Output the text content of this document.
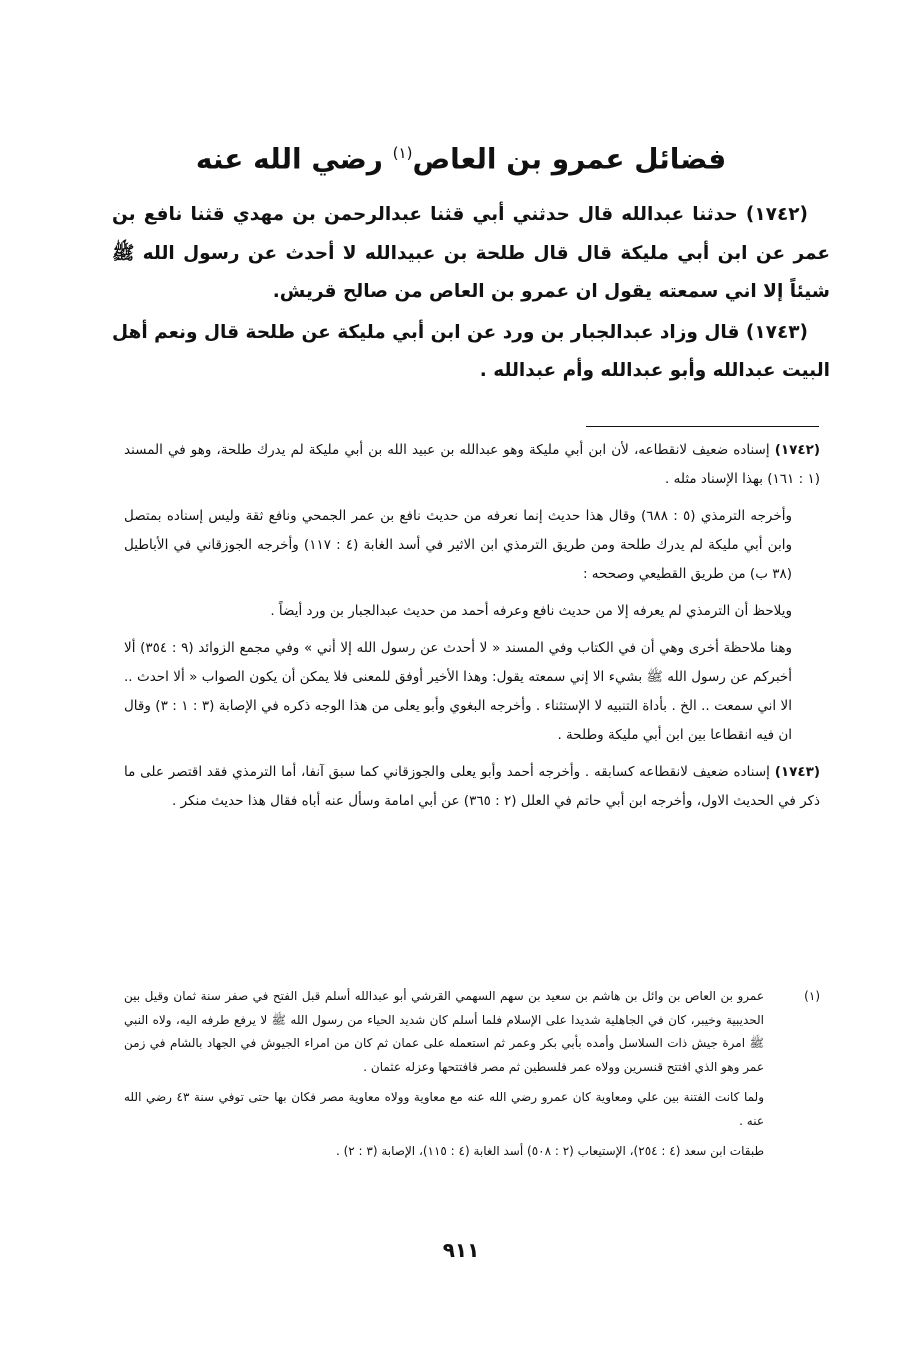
فضائل عمرو بن العاص$^{(١)}$ رضي الله عنه

(١٧٤٢) حدثنا عبدالله قال حدثني أبي قثنا عبدالرحمن بن مهدي قثنا نافع بن عمر عن ابن أبي مليكة قال قال طلحة بن عبيدالله لا أحدث عن رسول الله ﷺ شيئاً إلا اني سمعته يقول ان عمرو بن العاص من صالح قريش.

(١٧٤٣) قال وزاد عبدالجبار بن ورد عن ابن أبي مليكة عن طلحة قال ونعم أهل البيت عبدالله وأبو عبدالله وأم عبدالله .

(١٧٤٢) إسناده ضعيف لانقطاعه، لأن ابن أبي مليكة وهو عبدالله بن عبيد الله بن أبي مليكة لم يدرك طلحة، وهو في المسند (١ : ١٦١) بهذا الإسناد مثله .

وأخرجه الترمذي (٥ : ٦٨٨) وقال هذا حديث إنما نعرفه من حديث نافع بن عمر الجمحي ونافع ثقة وليس إسناده بمتصل وابن أبي مليكة لم يدرك طلحة ومن طريق الترمذي ابن الاثير في أسد الغابة (٤ : ١١٧) وأخرجه الجوزقاني في الأباطيل (٣٨ ب) من طريق القطيعي وصححه :

ويلاحظ أن الترمذي لم يعرفه إلا من حديث نافع وعرفه أحمد من حديث عبدالجبار بن ورد أيضاً .

وهنا ملاحظة أخرى وهي أن في الكتاب وفي المسند « لا أحدث عن رسول الله إلا أني » وفي مجمع الزوائد (٩ : ٣٥٤) ألا أخبركم عن رسول الله ﷺ بشيء الا إني سمعته يقول: وهذا الأخير أوفق للمعنى فلا يمكن أن يكون الصواب « ألا احدث .. الا اني سمعت .. الخ . بأداة التنبيه لا الإستثناء . وأخرجه البغوي وأبو يعلى من هذا الوجه ذكره في الإصابة (٣ : ١ : ٣) وقال ان فيه انقطاعا بين ابن أبي مليكة وطلحة .

(١٧٤٣) إسناده ضعيف لانقطاعه كسابقه . وأخرجه أحمد وأبو يعلى والجوزقاني كما سبق آنفا، أما الترمذي فقد اقتصر على ما ذكر في الحديث الاول، وأخرجه ابن أبي حاتم في العلل (٢ : ٣٦٥) عن أبي امامة وسأل عنه أباه فقال هذا حديث منكر .

(١)

عمرو بن العاص بن وائل بن هاشم بن سعيد بن سهم السهمي القرشي أبو عبدالله أسلم قبل الفتح في صفر سنة ثمان وقيل بين الحديبية وخيبر، كان في الجاهلية شديدا على الإسلام فلما أسلم كان شديد الحياء من رسول الله ﷺ لا يرفع طرفه اليه، ولاه النبي ﷺ امرة جيش ذات السلاسل وأمده بأبي بكر وعمر ثم استعمله على عمان ثم كان من امراء الجيوش في الجهاد بالشام في زمن عمر وهو الذي افتتح قنسرين وولاه عمر فلسطين ثم مصر فافتتحها وعزله عثمان .

ولما كانت الفتنة بين علي ومعاوية كان عمرو رضي الله عنه مع معاوية وولاه معاوية مصر فكان بها حتى توفي سنة ٤٣ رضي الله عنه .

طبقات ابن سعد (٤ : ٢٥٤)، الإستيعاب (٢ : ٥٠٨) أسد الغابة (٤ : ١١٥)، الإصابة (٣ : ٢) .

٩١١
